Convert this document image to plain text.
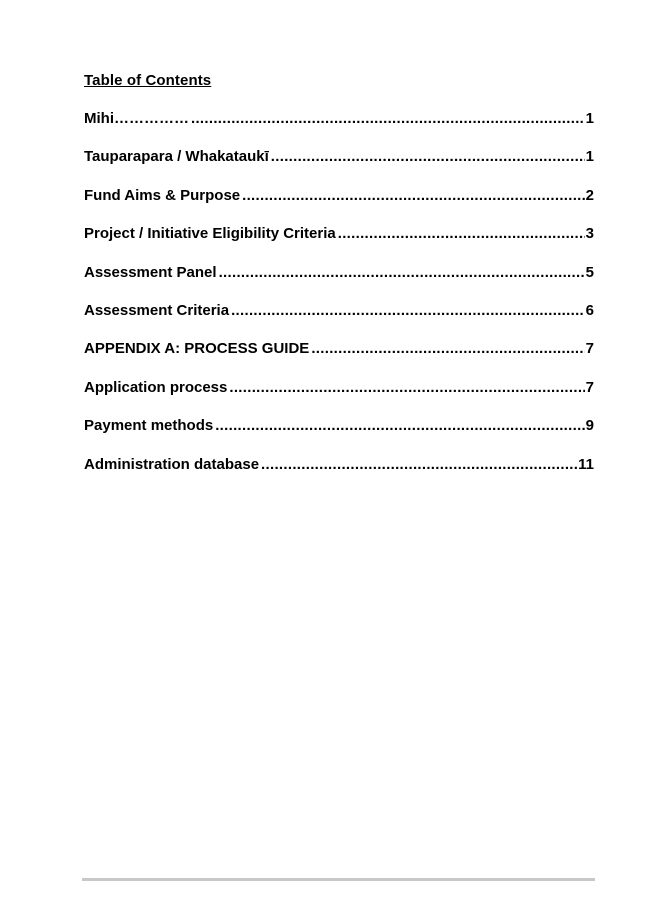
Table of Contents
Mihi…………… .....	1
Tauparapara / Whakataukī .....	1
Fund Aims & Purpose .....	2
Project / Initiative Eligibility Criteria .....	3
Assessment Panel .....	5
Assessment Criteria .....	6
APPENDIX A: PROCESS GUIDE .....	7
Application process .....	7
Payment methods .....	9
Administration database .....	11
